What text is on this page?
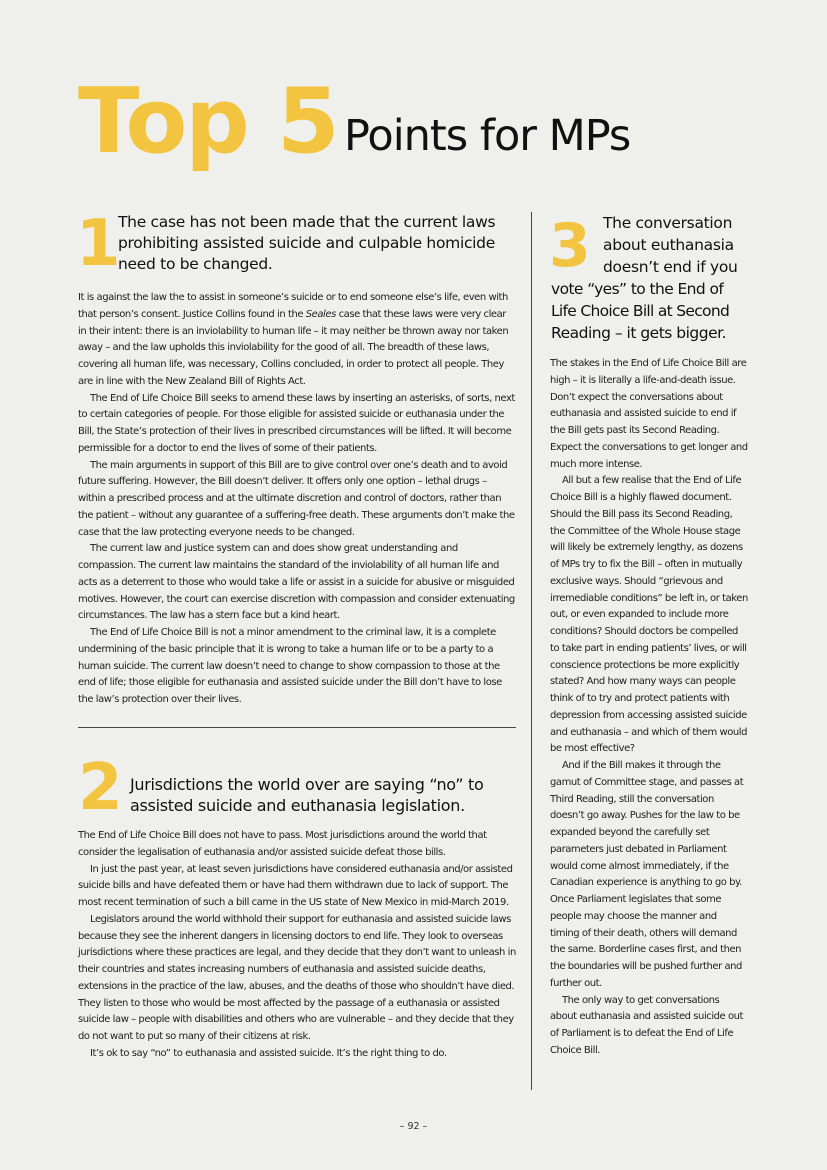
Top 5 Points for MPs
1
The case has not been made that the current laws
prohibiting assisted suicide and culpable homicide
need to be changed.

It is against the law the to assist in someone’s suicide or to end someone else’s life, even with that person’s consent. Justice Collins found in the Seales case that these laws were very clear in their intent: there is an inviolability to human life – it may neither be thrown away nor taken away – and the law upholds this inviolability for the good of all. The breadth of these laws, covering all human life, was necessary, Collins concluded, in order to protect all people. They are in line with the New Zealand Bill of Rights Act.

The End of Life Choice Bill seeks to amend these laws by inserting an asterisks, of sorts, next to certain categories of people. For those eligible for assisted suicide or euthanasia under the Bill, the State’s protection of their lives in prescribed circumstances will be lifted. It will become permissible for a doctor to end the lives of some of their patients.

The main arguments in support of this Bill are to give control over one’s death and to avoid future suffering. However, the Bill doesn’t deliver. It offers only one option – lethal drugs – within a prescribed process and at the ultimate discretion and control of doctors, rather than the patient – without any guarantee of a suffering-free death. These arguments don’t make the case that the law protecting everyone needs to be changed.

The current law and justice system can and does show great understanding and compassion. The current law maintains the standard of the inviolability of all human life and acts as a deterrent to those who would take a life or assist in a suicide for abusive or misguided motives. However, the court can exercise discretion with compassion and consider extenuating circumstances. The law has a stern face but a kind heart.

The End of Life Choice Bill is not a minor amendment to the criminal law, it is a complete undermining of the basic principle that it is wrong to take a human life or to be a party to a human suicide. The current law doesn’t need to change to show compassion to those at the end of life; those eligible for euthanasia and assisted suicide under the Bill don’t have to lose the law’s protection over their lives.

2 Jurisdictions the world over are saying “no” to
assisted suicide and euthanasia legislation.

The End of Life Choice Bill does not have to pass. Most jurisdictions around the world that consider the legalisation of euthanasia and/or assisted suicide defeat those bills.

In just the past year, at least seven jurisdictions have considered euthanasia and/or assisted suicide bills and have defeated them or have had them withdrawn due to lack of support. The most recent termination of such a bill came in the US state of New Mexico in mid-March 2019.

Legislators around the world withhold their support for euthanasia and assisted suicide laws because they see the inherent dangers in licensing doctors to end life. They look to overseas jurisdictions where these practices are legal, and they decide that they don’t want to unleash in their countries and states increasing numbers of euthanasia and assisted suicide deaths, extensions in the practice of the law, abuses, and the deaths of those who shouldn’t have died. They listen to those who would be most affected by the passage of a euthanasia or assisted suicide law – people with disabilities and others who are vulnerable – and they decide that they do not want to put so many of their citizens at risk.

It’s ok to say “no” to euthanasia and assisted suicide. It’s the right thing to do.

3 The conversation
about euthanasia
doesn’t end if you
vote “yes” to the End of
Life Choice Bill at Second
Reading – it gets bigger.

The stakes in the End of Life Choice Bill are high – it is literally a life-and-death issue. Don’t expect the conversations about euthanasia and assisted suicide to end if the Bill gets past its Second Reading. Expect the conversations to get longer and much more intense.

All but a few realise that the End of Life Choice Bill is a highly flawed document. Should the Bill pass its Second Reading, the Committee of the Whole House stage will likely be extremely lengthy, as dozens of MPs try to fix the Bill – often in mutually exclusive ways. Should “grievous and irremediable conditions” be left in, or taken out, or even expanded to include more conditions? Should doctors be compelled to take part in ending patients’ lives, or will conscience protections be more explicitly stated? And how many ways can people think of to try and protect patients with depression from accessing assisted suicide and euthanasia – and which of them would be most effective?

And if the Bill makes it through the gamut of Committee stage, and passes at Third Reading, still the conversation doesn’t go away. Pushes for the law to be expanded beyond the carefully set parameters just debated in Parliament would come almost immediately, if the Canadian experience is anything to go by. Once Parliament legislates that some people may choose the manner and timing of their death, others will demand the same. Borderline cases first, and then the boundaries will be pushed further and further out.

The only way to get conversations about euthanasia and assisted suicide out of Parliament is to defeat the End of Life Choice Bill.

– 92 –
